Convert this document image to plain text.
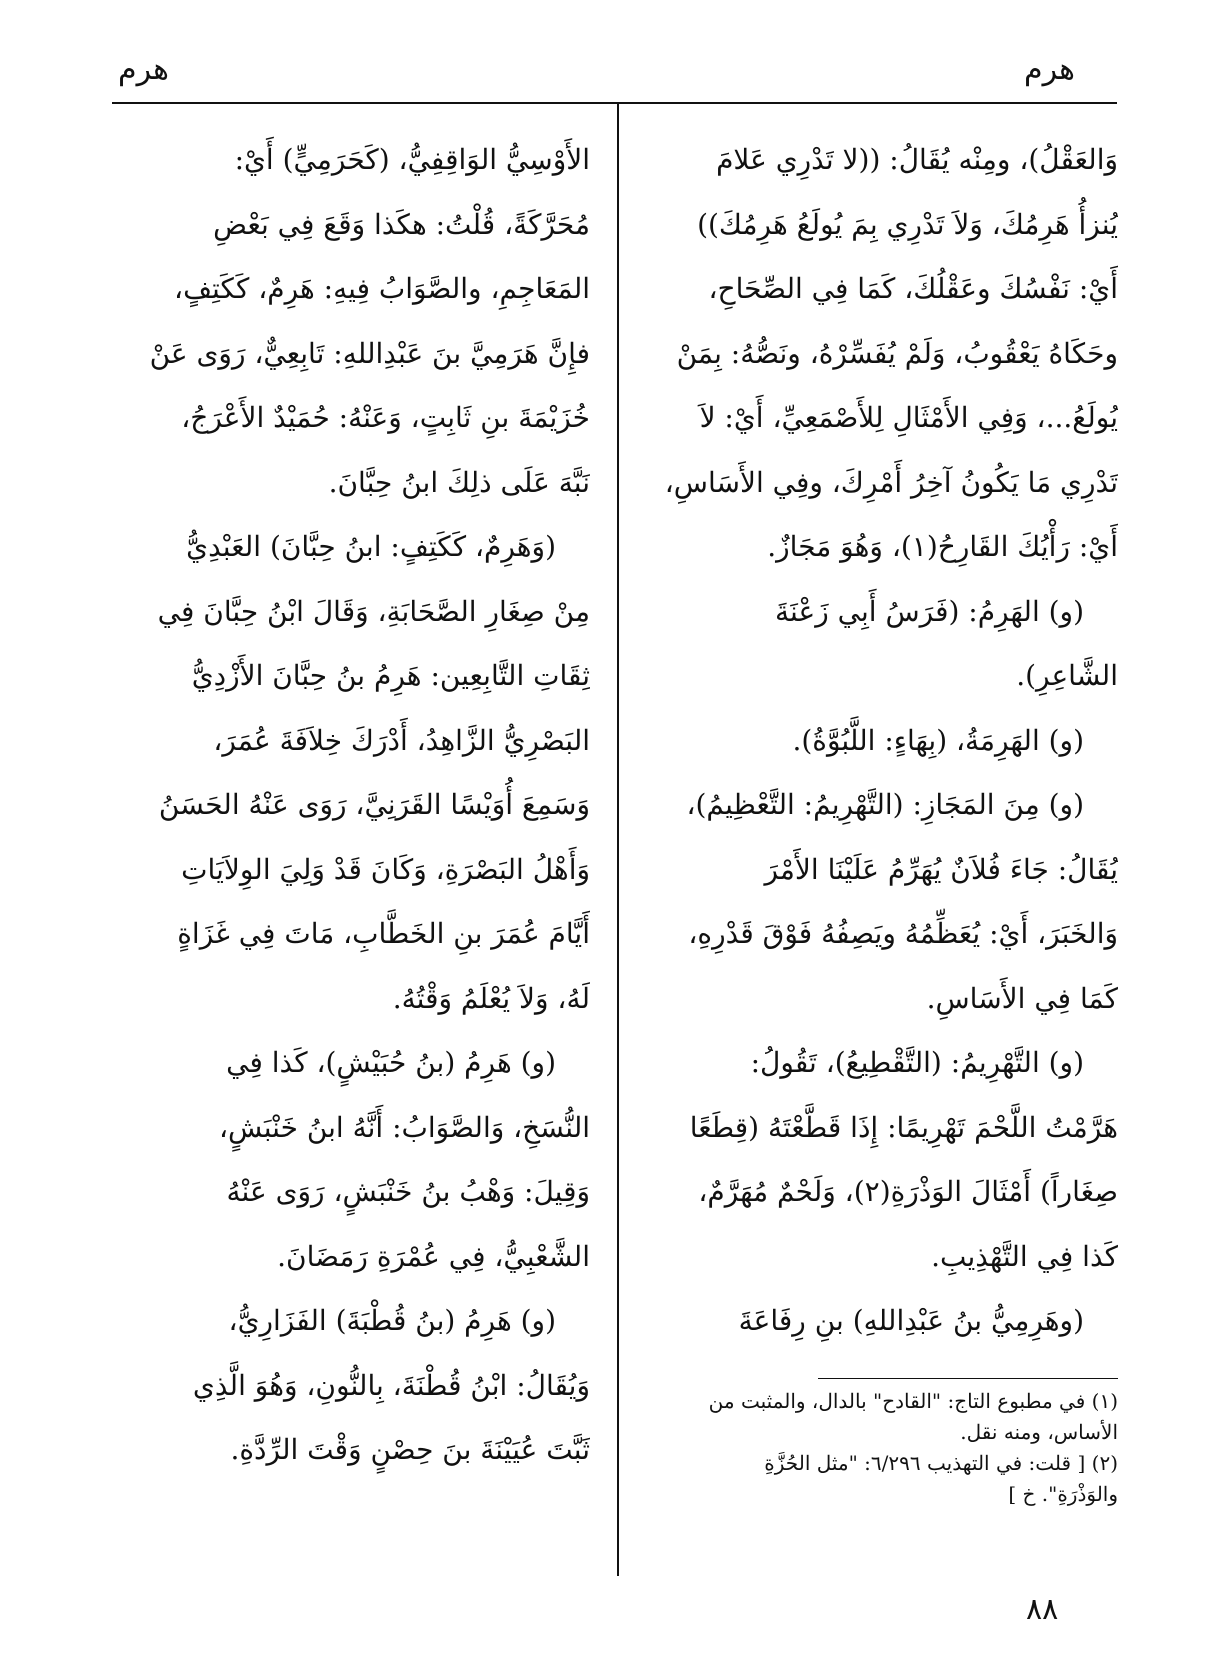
هرم
هرم
وَالعَقْلُ)، ومِنْه يُقَالُ: ((لا تَدْرِي عَلامَ
يُنزأُ هَرِمُكَ، وَلاَ تَدْرِي بِمَ يُولَعُ هَرِمُكَ))
أَيْ: نَفْسُكَ وعَقْلُكَ، كَمَا فِي الصِّحَاحِ،
وحَكَاهُ يَعْقُوبُ، وَلَمْ يُفَسِّرْهُ، ونَصُّهُ: بِمَنْ
يُولَعُ...، وَفِي الأَمْثَالِ لِلأَصْمَعِيِّ، أَيْ: لاَ
تَدْرِي مَا يَكُونُ آخِرُ أَمْرِكَ، وفِي الأَسَاسِ،
أَيْ: رَأْيُكَ القَارِحُ(١)، وَهُوَ مَجَازٌ.
(و) الهَرِمُ: (فَرَسُ أَبِي زَعْنَةَ
الشَّاعِرِ).
(و) الهَرِمَةُ، (بِهَاءٍ: اللَّبُوَّةُ).
(و) مِنَ المَجَازِ: (التَّهْرِيمُ: التَّعْظِيمُ)،
يُقَالُ: جَاءَ فُلاَنٌ يُهَرِّمُ عَلَيْنَا الأَمْرَ
وَالخَبَرَ، أَيْ: يُعَظِّمُهُ ويَصِفُهُ فَوْقَ قَدْرِهِ،
كَمَا فِي الأَسَاسِ.
(و) التَّهْرِيمُ: (التَّقْطِيعُ)، تَقُولُ:
هَرَّمْتُ اللَّحْمَ تَهْرِيمًا: إِذَا قَطَّعْتَهُ (قِطَعًا
صِغَاراً) أَمْثَالَ الوَذْرَةِ(٢)، وَلَحْمٌ مُهَرَّمٌ،
كَذا فِي التَّهْذِيبِ.
(وهَرِمِيُّ بنُ عَبْدِاللهِ) بنِ رِفَاعَةَ
الأَوْسِيُّ الوَاقِفِيُّ، (كَحَرَمِيٍّ) أَيْ:
مُحَرَّكَةً، قُلْتُ: هكَذا وَقَعَ فِي بَعْضِ
المَعَاجِمِ، والصَّوَابُ فِيهِ: هَرِمٌ، كَكَتِفٍ،
فإِنَّ هَرَمِيَّ بنَ عَبْدِاللهِ: تَابِعِيٌّ، رَوَى عَنْ
خُزَيْمَةَ بنِ ثَابِتٍ، وَعَنْهُ: حُمَيْدٌ الأَعْرَجُ،
نَبَّهَ عَلَى ذلِكَ ابنُ حِبَّانَ.
(وَهَرِمٌ، كَكَتِفٍ: ابنُ حِبَّانَ) العَبْدِيُّ
مِنْ صِغَارِ الصَّحَابَةِ، وَقَالَ ابْنُ حِبَّانَ فِي
ثِقَاتِ التَّابِعِين: هَرِمُ بنُ حِبَّانَ الأَزْدِيُّ
البَصْرِيُّ الزَّاهِدُ، أَدْرَكَ خِلاَفَةَ عُمَرَ،
وَسَمِعَ أُوَيْسًا القَرَنِيَّ، رَوَى عَنْهُ الحَسَنُ
وَأَهْلُ البَصْرَةِ، وَكَانَ قَدْ وَلِيَ الوِلاَيَاتِ
أَيَّامَ عُمَرَ بنِ الخَطَّابِ، مَاتَ فِي غَزَاةٍ
لَهُ، وَلاَ يُعْلَمُ وَقْتُهُ.
(و) هَرِمُ (بنُ حُبَيْشٍ)، كَذا فِي
النُّسَخِ، وَالصَّوَابُ: أَنَّهُ ابنُ خَنْبَشٍ،
وَقِيلَ: وَهْبُ بنُ خَنْبَشٍ، رَوَى عَنْهُ
الشَّعْبِيُّ، فِي عُمْرَةِ رَمَضَانَ.
(و) هَرِمُ (بنُ قُطْبَةَ) الفَزَارِيُّ،
وَيُقَالُ: ابْنُ قُطْنَةَ، بِالنُّونِ، وَهُوَ الَّذِي
ثَبَّتَ عُيَيْنَةَ بنَ حِصْنٍ وَقْتَ الرِّدَّةِ.
(١) في مطبوع التاج: "القادح" بالدال، والمثبت من
الأساس، ومنه نقل.
(٢) [ قلت: في التهذيب ٦/٢٩٦: "مثل الحُزَّةِ
والوَذْرَةِ". خ ]
٨٨
